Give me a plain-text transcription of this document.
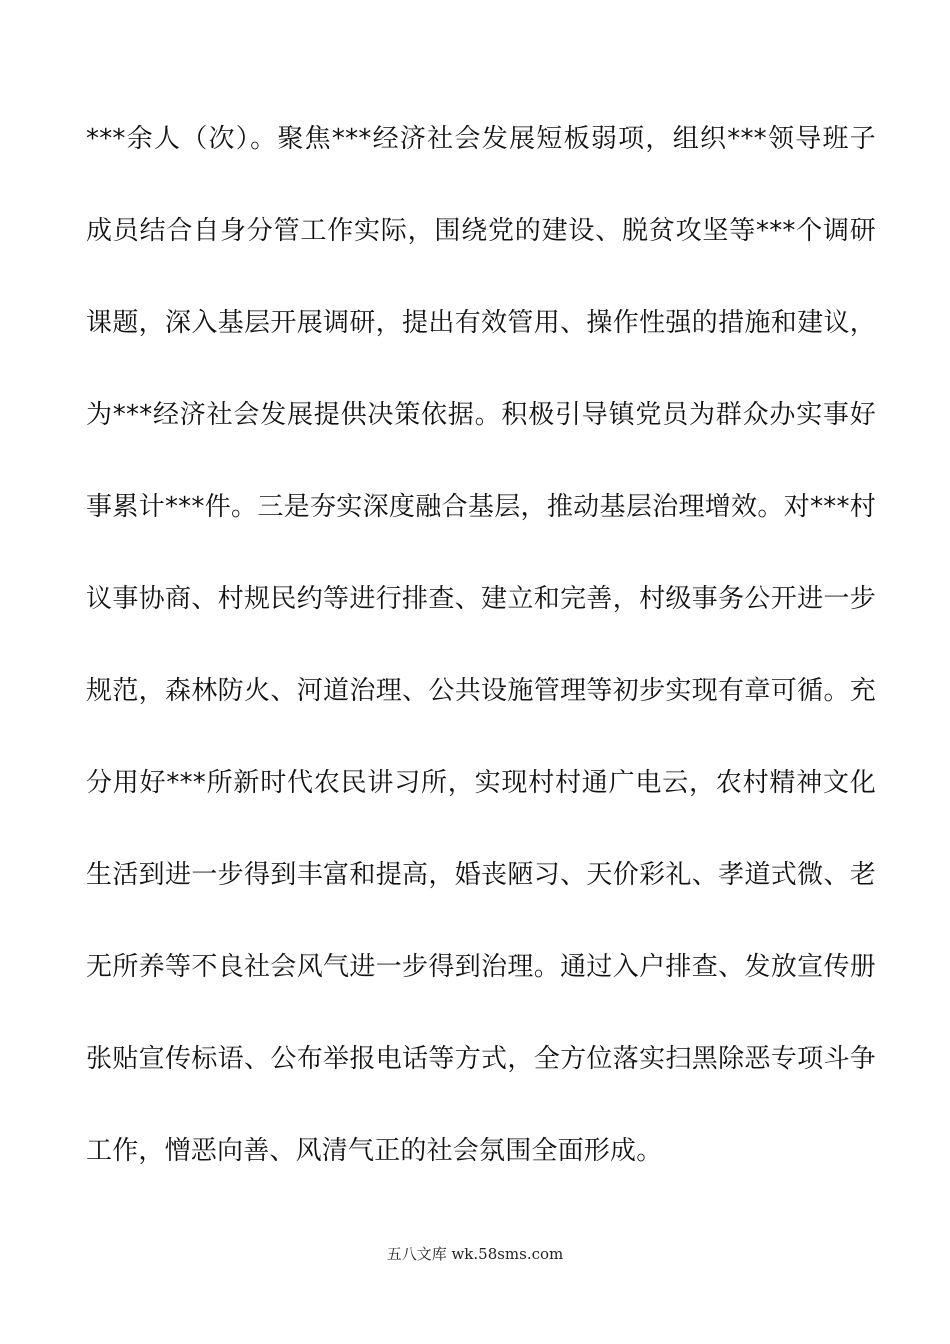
***余人（次）。聚焦***经济社会发展短板弱项，组织***领导班子
成员结合自身分管工作实际，围绕党的建设、脱贫攻坚等***个调研
课题，深入基层开展调研，提出有效管用、操作性强的措施和建议，
为***经济社会发展提供决策依据。积极引导镇党员为群众办实事好
事累计***件。三是夯实深度融合基层，推动基层治理增效。对***村
议事协商、村规民约等进行排查、建立和完善，村级事务公开进一步
规范，森林防火、河道治理、公共设施管理等初步实现有章可循。充
分用好***所新时代农民讲习所，实现村村通广电云，农村精神文化
生活到进一步得到丰富和提高，婚丧陋习、天价彩礼、孝道式微、老
无所养等不良社会风气进一步得到治理。通过入户排查、发放宣传册
张贴宣传标语、公布举报电话等方式，全方位落实扫黑除恶专项斗争
工作，憎恶向善、风清气正的社会氛围全面形成。
五八文库 wk.58sms.com
